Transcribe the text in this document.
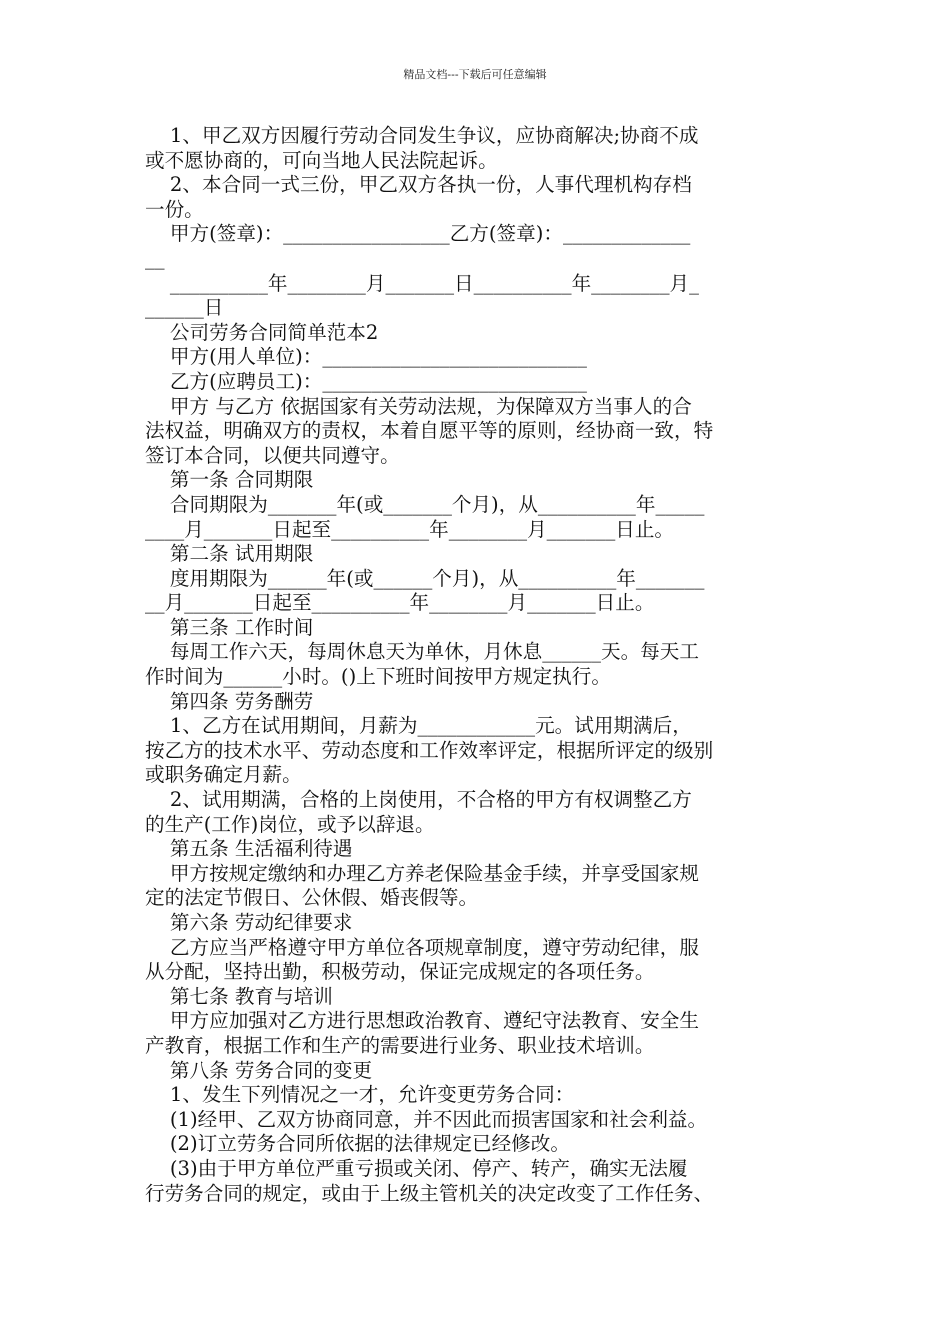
精品文档---下载后可任意编辑
1、甲乙双方因履行劳动合同发生争议，应协商解决;协商不成
或不愿协商的，可向当地人民法院起诉。
2、本合同一式三份，甲乙双方各执一份，人事代理机构存档
一份。
甲方(签章)：_________________乙方(签章)：_____________
__
__________年________月_______日__________年________月_
______日
公司劳务合同简单范本2
甲方(用人单位)：___________________________
乙方(应聘员工)：___________________________
甲方 与乙方 依据国家有关劳动法规，为保障双方当事人的合
法权益，明确双方的责权，本着自愿平等的原则，经协商一致，特
签订本合同，以便共同遵守。
第一条 合同期限
合同期限为_______年(或_______个月)，从__________年_____
____月_______日起至__________年________月_______日止。
第二条 试用期限
度用期限为______年(或______个月)，从__________年_______
__月_______日起至__________年________月_______日止。
第三条 工作时间
每周工作六天，每周休息天为单休，月休息______天。每天工
作时间为______小时。()上下班时间按甲方规定执行。
第四条 劳务酬劳
1、乙方在试用期间，月薪为____________元。试用期满后，
按乙方的技术水平、劳动态度和工作效率评定，根据所评定的级别
或职务确定月薪。
2、试用期满，合格的上岗使用，不合格的甲方有权调整乙方
的生产(工作)岗位，或予以辞退。
第五条 生活福利待遇
甲方按规定缴纳和办理乙方养老保险基金手续，并享受国家规
定的法定节假日、公休假、婚丧假等。
第六条 劳动纪律要求
乙方应当严格遵守甲方单位各项规章制度，遵守劳动纪律，服
从分配，坚持出勤，积极劳动，保证完成规定的各项任务。
第七条 教育与培训
甲方应加强对乙方进行思想政治教育、遵纪守法教育、安全生
产教育，根据工作和生产的需要进行业务、职业技术培训。
第八条 劳务合同的变更
1、发生下列情况之一才，允许变更劳务合同：
(1)经甲、乙双方协商同意，并不因此而损害国家和社会利益。
(2)订立劳务合同所依据的法律规定已经修改。
(3)由于甲方单位严重亏损或关闭、停产、转产，确实无法履
行劳务合同的规定，或由于上级主管机关的决定改变了工作任务、
